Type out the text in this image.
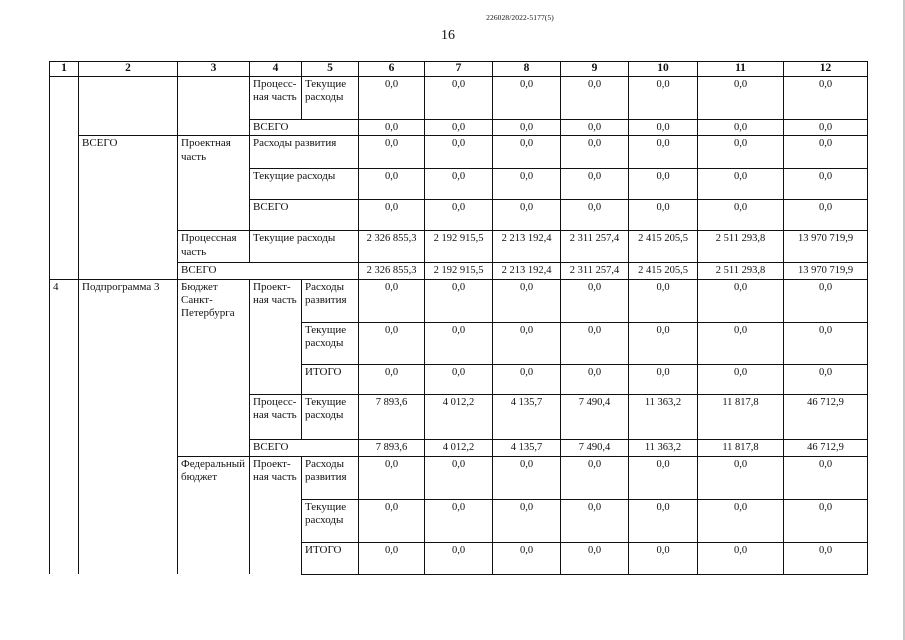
226028/2022-5177(5)
16
1	2	3	4	5	6	7	8	9	10	11	12
			Процесс-ная часть	Текущие расходы	0,0	0,0	0,0	0,0	0,0	0,0	0,0
			ВСЕГО		0,0	0,0	0,0	0,0	0,0	0,0	0,0
	ВСЕГО	Проектная часть	Расходы развития		0,0	0,0	0,0	0,0	0,0	0,0	0,0
			Текущие расходы		0,0	0,0	0,0	0,0	0,0	0,0	0,0
			ВСЕГО		0,0	0,0	0,0	0,0	0,0	0,0	0,0
		Процессная часть	Текущие расходы		2 326 855,3	2 192 915,5	2 213 192,4	2 311 257,4	2 415 205,5	2 511 293,8	13 970 719,9
		ВСЕГО			2 326 855,3	2 192 915,5	2 213 192,4	2 311 257,4	2 415 205,5	2 511 293,8	13 970 719,9
4	Подпрограмма 3	Бюджет Санкт-Петербурга	Проект-ная часть	Расходы развития	0,0	0,0	0,0	0,0	0,0	0,0	0,0
				Текущие расходы	0,0	0,0	0,0	0,0	0,0	0,0	0,0
				ИТОГО	0,0	0,0	0,0	0,0	0,0	0,0	0,0
			Процесс-ная часть	Текущие расходы	7 893,6	4 012,2	4 135,7	7 490,4	11 363,2	11 817,8	46 712,9
			ВСЕГО		7 893,6	4 012,2	4 135,7	7 490,4	11 363,2	11 817,8	46 712,9
		Федеральный бюджет	Проект-ная часть	Расходы развития	0,0	0,0	0,0	0,0	0,0	0,0	0,0
				Текущие расходы	0,0	0,0	0,0	0,0	0,0	0,0	0,0
				ИТОГО	0,0	0,0	0,0	0,0	0,0	0,0	0,0
